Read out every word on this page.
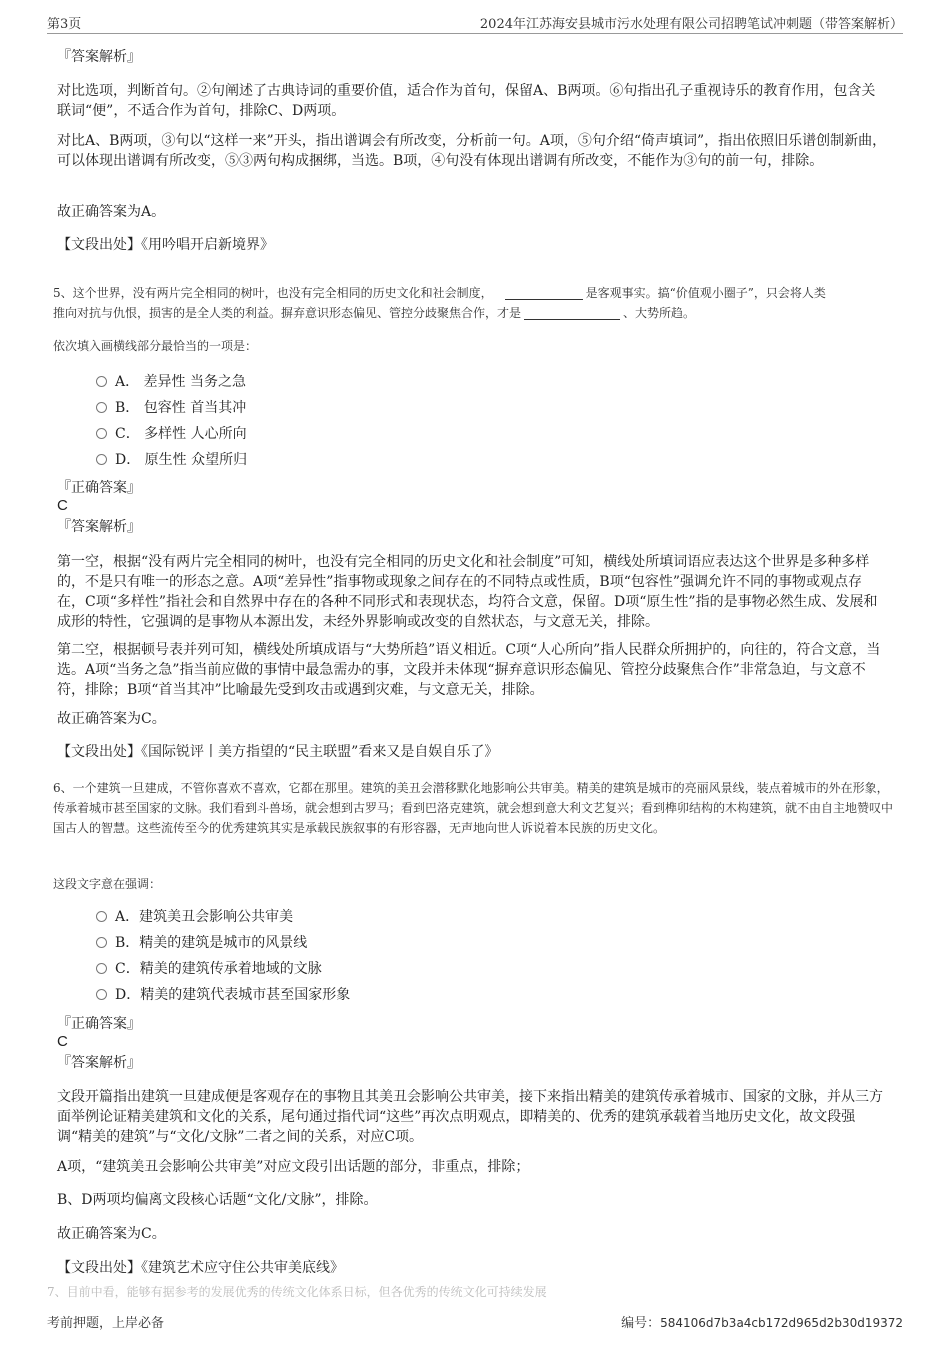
第3页	2024年江苏海安县城市污水处理有限公司招聘笔试冲刺题（带答案解析）

『答案解析』

对比选项，判断首句。②句阐述了古典诗词的重要价值，适合作为首句，保留A、B两项。⑥句指出孔子重视诗乐的教育作用，包含关联词“便”，不适合作为首句，排除C、D两项。

对比A、B两项，③句以“这样一来”开头，指出谱调会有所改变，分析前一句。A项，⑤句介绍“倚声填词”，指出依照旧乐谱创制新曲，可以体现出谱调有所改变，⑤③两句构成捆绑，当选。B项，④句没有体现出谱调有所改变，不能作为③句的前一句，排除。

故正确答案为A。

【文段出处】《用吟唱开启新境界》

5、这个世界，没有两片完全相同的树叶，也没有完全相同的历史文化和社会制度，	是客观事实。搞“价值观小圈子”，只会将人类
推向对抗与仇恨，损害的是全人类的利益。摒弃意识形态偏见、管控分歧聚焦合作，才是	、大势所趋。

依次填入画横线部分最恰当的一项是：

A． 差异性 当务之急
B． 包容性 首当其冲
C． 多样性 人心所向
D． 原生性 众望所归

『正确答案』

C

『答案解析』

第一空，根据“没有两片完全相同的树叶，也没有完全相同的历史文化和社会制度”可知，横线处所填词语应表达这个世界是多种多样的，不是只有唯一的形态之意。A项“差异性”指事物或现象之间存在的不同特点或性质，B项“包容性”强调允许不同的事物或观点存在，C项“多样性”指社会和自然界中存在的各种不同形式和表现状态，均符合文意，保留。D项“原生性”指的是事物必然生成、发展和成形的特性，它强调的是事物从本源出发，未经外界影响或改变的自然状态，与文意无关，排除。

第二空，根据顿号表并列可知，横线处所填成语与“大势所趋”语义相近。C项“人心所向”指人民群众所拥护的，向往的，符合文意，当选。A项“当务之急”指当前应做的事情中最急需办的事，文段并未体现“摒弃意识形态偏见、管控分歧聚焦合作”非常急迫，与文意不符，排除；B项“首当其冲”比喻最先受到攻击或遇到灾难，与文意无关，排除。

故正确答案为C。

【文段出处】《国际锐评丨美方指望的“民主联盟”看来又是自娱自乐了》

6、一个建筑一旦建成，不管你喜欢不喜欢，它都在那里。建筑的美丑会潜移默化地影响公共审美。精美的建筑是城市的亮丽风景线，装点着城市的外在形象，传承着城市甚至国家的文脉。我们看到斗兽场，就会想到古罗马；看到巴洛克建筑，就会想到意大利文艺复兴；看到榫卯结构的木构建筑，就不由自主地赞叹中国古人的智慧。这些流传至今的优秀建筑其实是承载民族叙事的有形容器，无声地向世人诉说着本民族的历史文化。

这段文字意在强调：

A．建筑美丑会影响公共审美
B．精美的建筑是城市的风景线
C．精美的建筑传承着地域的文脉
D．精美的建筑代表城市甚至国家形象

『正确答案』

C

『答案解析』

文段开篇指出建筑一旦建成便是客观存在的事物且其美丑会影响公共审美，接下来指出精美的建筑传承着城市、国家的文脉，并从三方面举例论证精美建筑和文化的关系，尾句通过指代词“这些”再次点明观点，即精美的、优秀的建筑承载着当地历史文化，故文段强调“精美的建筑”与“文化/文脉”二者之间的关系，对应C项。

A项，“建筑美丑会影响公共审美”对应文段引出话题的部分，非重点，排除；

B、D两项均偏离文段核心话题“文化/文脉”，排除。

故正确答案为C。

【文段出处】《建筑艺术应守住公共审美底线》

7、目前中看，能够有据参考的发展优秀的传统文化体系日标，但各优秀的传统文化可持续发展
考前押题，上岸必备	编号：584106d7b3a4cb172d965d2b30d19372
